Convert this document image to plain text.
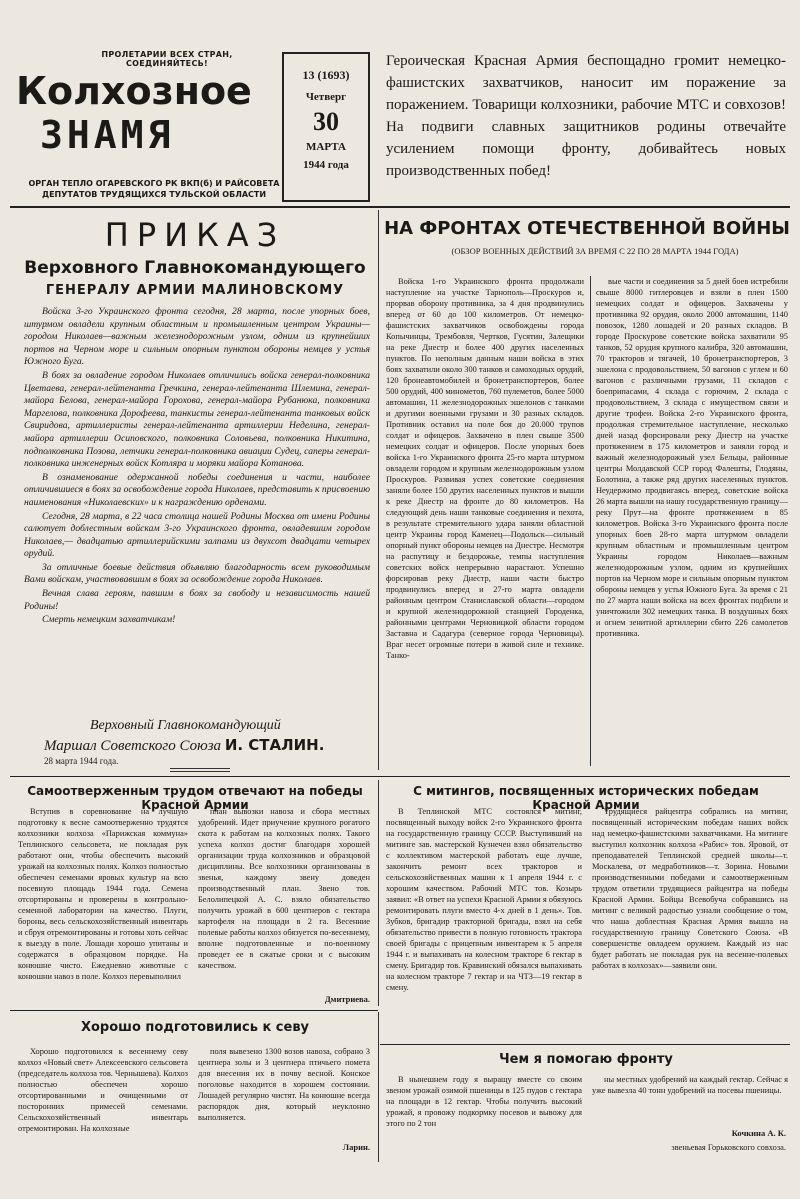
ПРОЛЕТАРИИ ВСЕХ СТРАН, СОЕДИНЯЙТЕСЬ!
Колхозное
ЗНАМЯ
ОРГАН ТЕПЛО ОГАРЕВСКОГО РК ВКП(б) И РАЙСОВЕТА ДЕПУТАТОВ ТРУДЯЩИХСЯ ТУЛЬСКОЙ ОБЛАСТИ
13 (1693)
Четверг
30
МАРТА
1944 года
Героическая Красная Армия беспощадно громит немецко-фашистских захватчиков, наносит им поражение за поражением. Товарищи колхозники, рабочие МТС и совхозов! На подвиги славных защитников родины отвечайте усилением помощи фронту, добивайтесь новых производственных побед!
ПРИКАЗ
Верховного Главнокомандующего
ГЕНЕРАЛУ АРМИИ МАЛИНОВСКОМУ

Войска 3-го Украинского фронта сегодня, 28 марта, после упорных боев, штурмом овладели крупным областным и промышленным центром Украины—городом Николаев—важным железнодорожным узлом, одним из крупнейших портов на Черном море и сильным опорным пунктом обороны немцев у устья Южного Буга.

В боях за овладение городом Николаев отличились войска генерал-полковника Цветаева, генерал-лейтенанта Гречкина, генерал-лейтенанта Шлемина, генерал-майора Белова, генерал-майора Горохова, генерал-майора Рубанюка, полковника Маргелова, полковника Дорофеева, танкисты генерал-лейтенанта танковых войск Свиридова, артиллеристы генерал-лейтенанта артиллерии Неделина, генерал-майора артиллерии Осиповского, полковника Соловьева, полковника Никитина, подполковника Позова, летчики генерал-полковника авиации Судец, саперы генерал-полковника инженерных войск Котляра и моряки майора Котанова.

В ознаменование одержанной победы соединения и части, наиболее отличившиеся в боях за освобождение города Николаев, представить к присвоению наименования «Николаевских» и к награждению орденами.

Сегодня, 28 марта, в 22 часа столица нашей Родины Москва от имени Родины салютует доблестным войскам 3-го Украинского фронта, овладевшим городом Николаев,— двадцатью артиллерийскими залпами из двухсот двадцати четырех орудий.

За отличные боевые действия объявляю благодарность всем руководимым Вами войскам, участвовавшим в боях за освобождение города Николаев.

Вечная слава героям, павшим в боях за свободу и независимость нашей Родины!

Смерть немецким захватчикам!

Верховный Главнокомандующий
Маршал Советского Союза И. СТАЛИН.
28 марта 1944 года.
НА ФРОНТАХ ОТЕЧЕСТВЕННОЙ ВОЙНЫ
(ОБЗОР ВОЕННЫХ ДЕЙСТВИЙ ЗА ВРЕМЯ С 22 ПО 28 МАРТА 1944 ГОДА)

Войска 1-го Украинского фронта продолжали наступление на участке Тарнополь—Проскуров и, прорвав оборону противника, за 4 дня продвинулись вперед от 60 до 100 километров. От немецко-фашистских захватчиков освобождены города Копычинцы, Трембовля, Чертков, Гусятин, Залещики на реке Днестр и более 400 других населенных пунктов. По неполным данным наши войска в этих боях захватили около 300 танков и самоходных орудий, 120 бронеавтомобилей и бронетранспортеров, более 500 орудий, 400 минометов, 760 пулеметов, более 5000 автомашин, 11 железнодорожных эшелонов с танками и другими военными грузами и 30 разных складов. Противник оставил на поле боя до 20.000 трупов солдат и офицеров. Захвачено в плен свыше 3500 немецких солдат и офицеров. После упорных боев войска 1-го Украинского фронта 25-го марта штурмом овладели городом и крупным железнодорожным узлом Проскуров. Развивая успех советские соединения заняли более 150 других населенных пунктов и вышли к реке Днестр на фронте до 80 километров. На следующий день наши танковые соединения и пехота, в результате стремительного удара заняли областной центр Украины город Каменец—Подольск—сильный опорный пункт обороны немцев на Днестре. Несмотря на распутицу и бездорожье, темпы наступления советских войск непрерывно нарастают. Успешно форсировав реку Днестр, наши части быстро продвинулись вперед и 27-го марта овладели районным центром Станиславской области—городом и крупной железнодорожной станцией Городенка, районными центрами Черновицкой области городом Заставна и Садагура (северное города Черновицы). Враг несет огромные потери в живой силе и технике. Танко-

вые части и соединения за 5 дней боев истребили свыше 8000 гитлеровцев и взяли в плен 1500 немецких солдат и офицеров. Захвачены у противника 92 орудия, около 2000 автомашин, 1140 повозок, 1280 лошадей и 20 разных складов. В городе Проскурове советские войска захватили 95 танков, 52 орудия крупного калибра, 320 автомашин, 70 тракторов и тягачей, 10 бронетранспортеров, 3 эшелона с продовольствием, 50 вагонов с углем и 60 вагонов с различными грузами, 11 складов с боеприпасами, 4 склада с горючим, 2 склада с продовольствием, 3 склада с имуществом связи и другие трофеи. Войска 2-го Украинского фронта, продолжая стремительное наступление, несколько дней назад форсировали реку Днестр на участке протяжением в 175 километров и заняли город и важный железнодорожный узел Бельцы, районные центры Молдавской ССР город Фалешты, Глодяны, Болотина, а также ряд других населенных пунктов. Неудержимо продвигаясь вперед, советские войска 26 марта вышли на нашу государственную границу—реку Прут—на фронте протяжением в 85 километров. Войска 3-го Украинского фронта после упорных боев 28-го марта штурмом овладели крупным областным и промышленным центром Украины городом Николаев—важным железнодорожным узлом, одним из крупнейших портов на Черном море и сильным опорным пунктом обороны немцев у устья Южного Буга. За время с 21 по 27 марта наши войска на всех фронтах подбили и уничтожили 302 немецких танка. В воздушных боях и огнем зенитной артиллерии сбито 226 самолетов противника.

Самоотверженным трудом отвечают на победы Красной Армии

Вступив в соревнование на лучшую подготовку к весне самоотверженно трудятся колхозники колхоза «Парижская коммуна» Теплинского сельсовета, не покладая рук работают они, чтобы обеспечить высокий урожай на колхозных полях. Колхоз полностью обеспечен семенами яровых культур на всю посевную площадь 1944 года. Семена отсортированы и проверены в контрольно-семенной лаборатории на качество. Плуги, бороны, весь сельскохозяйственный инвентарь и сбруя отремонтированы и готовы хоть сейчас к выезду в поле. Лошади хорошо упитаны и содержатся в образцовом порядке. На конюшне чисто. Ежедневно животные с конюшни навоз в поле. Колхоз перевыполнил

план вывозки навоза и сбора местных удобрений. Идет приучение крупного рогатого скота к работам на колхозных полях. Такого успеха колхоз достиг благодаря хорошей организации труда колхозников и образцовой дисциплины. Все колхозники организованы в звенья, каждому звену доведен производственный план. Звено тов. Белолипецкой А. С. взяло обязательство получить урожай в 600 центнеров с гектара картофеля на площади в 2 га. Весенние полевые работы колхоз обязуется по-весеннему, вполне подготовленные и по-военному проведет ее в сжатые сроки и с высоким качеством.

Дмитриева.
С митингов, посвященных исторических победам Красной Армии

В Теплинской МТС состоялся митинг, посвященный выходу войск 2-го Украинского фронта на государственную границу СССР. Выступивший на митинге зав. мастерской Кузнечен взял обязательство с коллективом мастерской работать еще лучше, закончить ремонт всех тракторов и сельскохозяйственных машин к 1 апреля 1944 г. с хорошим качеством. Рабочий МТС тов. Козырь заявил: «В ответ на успехи Красной Армии я обязуюсь ремонтировать плуги вместо 4-х дней в 1 день». Тов. Зубков, бригадир тракторной бригады, взял на себя обязательство привести в полную готовность трактора своей бригады с прицепным инвентарем к 5 апреля 1944 г. и выпахивать на колесном тракторе 6 гектар в смену. Бригадир тов. Кравинский обязался выпахивать на колесном тракторе 7 гектар и на ЧТЗ—19 гектар в смену.

Трудящиеся райцентра собрались на митинг, посвященный историческим победам наших войск над немецко-фашистскими захватчиками. На митинге выступил колхозник колхоза «Рабис» тов. Яровой, от преподавателей Теплинской средней школы—т. Москалева, от медработников—т. Зорина. Новыми производственными победами и самоотверженным трудом ответили трудящиеся райцентра на победы Красной Армии. Бойцы Всевобуча собравшись на митинг с великой радостью узнали сообщение о том, что наша доблестная Красная Армия вышла на государственную границу Советского Союза. «В совершенстве овладеем оружием. Каждый из нас будет работать не покладая рук на весенне-полевых работах в колхозах»—заявили они.

Хорошо подготовились к севу

Хорошо подготовился к весеннему севу колхоз «Новый свет» Алексеевского сельсовета (председатель колхоза тов. Чернышева). Колхоз полностью обеспечен хорошо отсортированными и очищенными от посторонних примесей семенами. Сельскохозяйственный инвентарь отремонтирован. На колхозные

поля вывезено 1300 возов навоза, собрано 3 центнера золы и 3 центнера птичьего помета для внесения их в почву весной. Конское поголовье находится в хорошем состоянии. Лошадей регулярно чистят. На конюшне всегда распорядок дня, который неуклонно выполняется.

Ларин.
Чем я помогаю фронту

В нынешнем году я выращу вместе со своим звеном урожай озимой пшеницы в 125 пудов с гектара на площади в 12 гектар. Чтобы получить высокий урожай, я провожу подкормку посевов и вывожу для этого по 2 тон

ны местных удобрений на каждый гектар. Сейчас я уже вывезла 40 тонн удобрений на посевы пшеницы.

Кочкина А. К.
звеньевая Горьковского совхоза.
